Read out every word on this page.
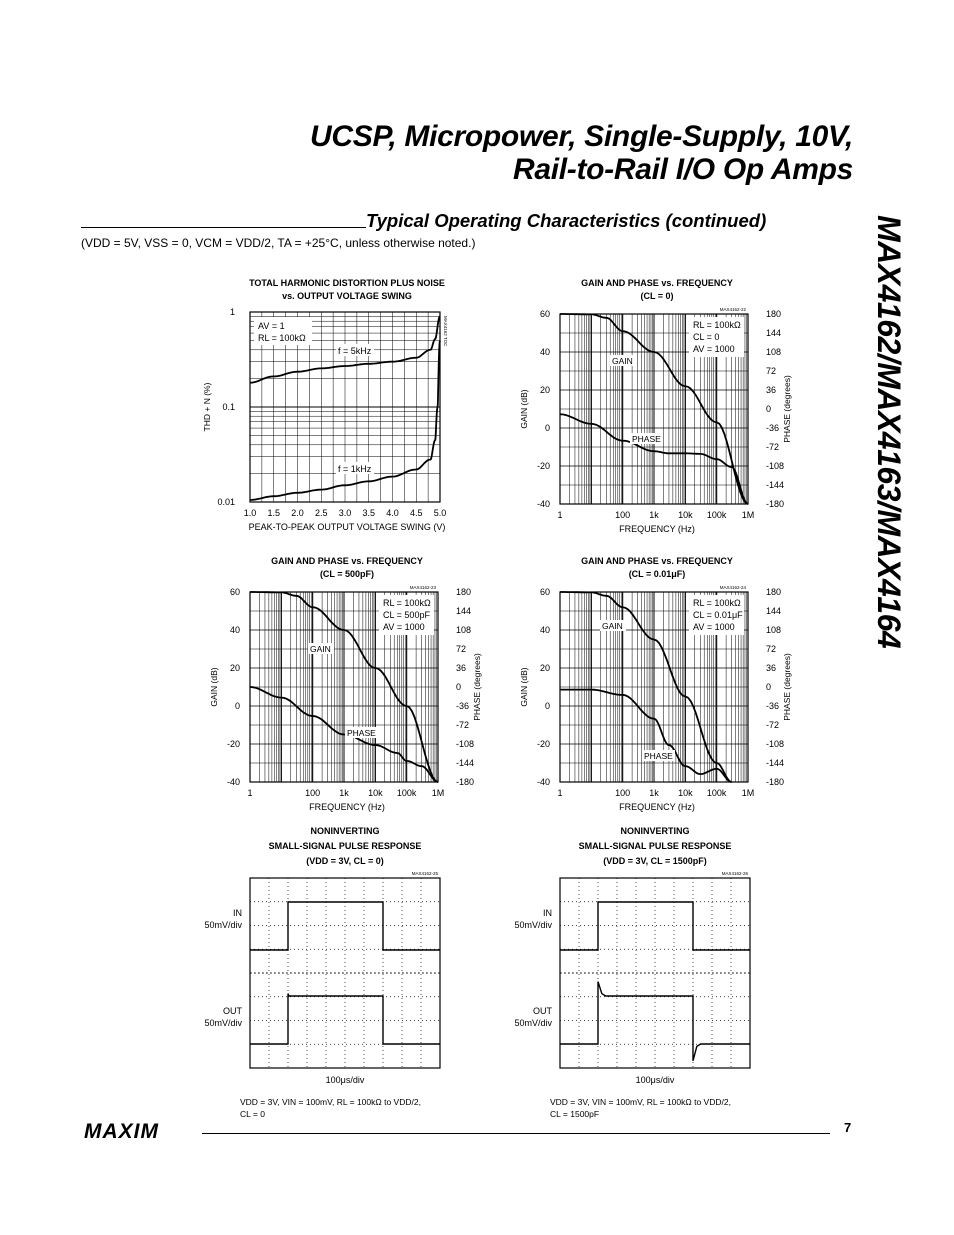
UCSP, Micropower, Single-Supply, 10V,
Rail-to-Rail I/O Op Amps
Typical Operating Characteristics (continued)
(VDD = 5V, VSS = 0, VCM = VDD/2, TA = +25°C, unless otherwise noted.)	MAX4162/MAX4163/MAX4164
TOTAL HARMONIC DISTORTION PLUS NOISE
vs. OUTPUT VOLTAGE SWING
1.0 1.5 2.0 2.5 3.0 3.5 4.0 4.5 5.0
1
0.1
0.01
PEAK-TO-PEAK OUTPUT VOLTAGE SWING (V)
THD + N (%)
AV = 1
RL = 100kΩ
f = 5kHz
f = 1kHz
MAX4162 TOC
GAIN AND PHASE vs. FREQUENCY
(CL = 0)
MAX4162-22
1	100 1k 10k 100k 1M
60
40
20
0
-20
-40
180
144
108
72
36
0
-36
-72
-108
-144
-180
FREQUENCY (Hz)
GAIN (dB)	PHASE (degrees)
RL = 100kΩ
CL = 0
AV = 1000
GAIN
PHASE
GAIN AND PHASE vs. FREQUENCY
(CL = 500pF)
MAX4162-23
1	100 1k 10k 100k 1M
60
40
20
0
-20
-40
180
144
108
72
36
0
-36
-72
-108
-144
-180
FREQUENCY (Hz)
GAIN (dB)	PHASE (degrees)
RL = 100kΩ
CL = 500pF
AV = 1000
GAIN
PHASE
GAIN AND PHASE vs. FREQUENCY
(CL = 0.01μF)
MAX4162-24
1	100 1k 10k 100k 1M
60
40
20
0
-20
-40
180
144
108
72
36
0
-36
-72
-108
-144
-180
FREQUENCY (Hz)
GAIN (dB)	PHASE (degrees)
RL = 100kΩ
CL = 0.01μF
AV = 1000
GAIN
PHASE
NONINVERTING
SMALL-SIGNAL PULSE RESPONSE
(VDD = 3V, CL = 0)
MAX4162-25
IN
50mV/div
OUT
50mV/div
100μs/div
VDD = 3V, VIN = 100mV, RL = 100kΩ to VDD/2,
CL = 0
NONINVERTING
SMALL-SIGNAL PULSE RESPONSE
(VDD = 3V, CL = 1500pF)
MAX4162-26
IN
50mV/div
OUT
50mV/div
100μs/div
VDD = 3V, VIN = 100mV, RL = 100kΩ to VDD/2,
CL = 1500pF
MAXIM	7
